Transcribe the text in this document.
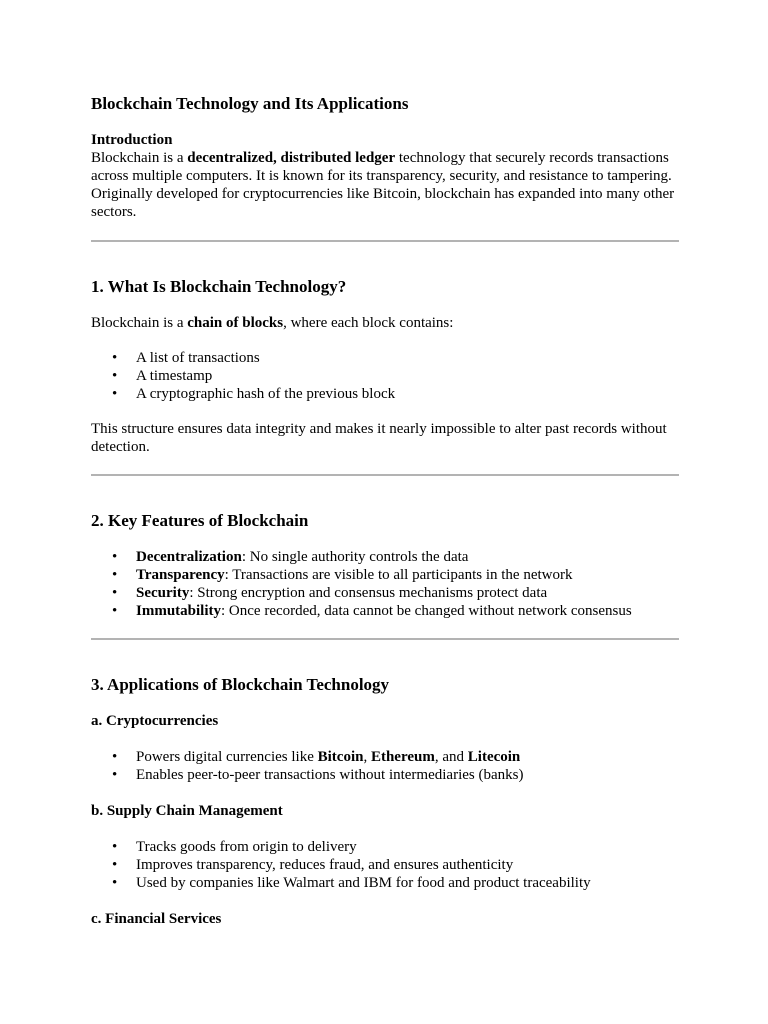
Blockchain Technology and Its Applications
Introduction

Blockchain is a decentralized, distributed ledger technology that securely records transactions across multiple computers. It is known for its transparency, security, and resistance to tampering. Originally developed for cryptocurrencies like Bitcoin, blockchain has expanded into many other sectors.

1. What Is Blockchain Technology?

Blockchain is a chain of blocks, where each block contains:

• A list of transactions
• A timestamp
• A cryptographic hash of the previous block

This structure ensures data integrity and makes it nearly impossible to alter past records without detection.

2. Key Features of Blockchain
• Decentralization: No single authority controls the data
• Transparency: Transactions are visible to all participants in the network
• Security: Strong encryption and consensus mechanisms protect data
• Immutability: Once recorded, data cannot be changed without network consensus
3. Applications of Blockchain Technology
a. Cryptocurrencies
• Powers digital currencies like Bitcoin, Ethereum, and Litecoin
• Enables peer-to-peer transactions without intermediaries (banks)
b. Supply Chain Management
• Tracks goods from origin to delivery
• Improves transparency, reduces fraud, and ensures authenticity
• Used by companies like Walmart and IBM for food and product traceability
c. Financial Services
